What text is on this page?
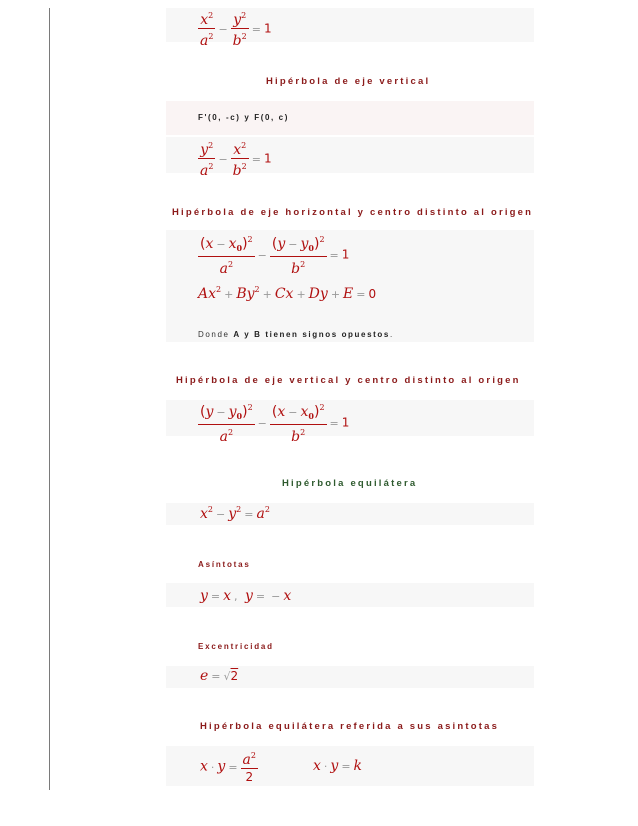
$\frac{x^2}{a^2} - \frac{y^2}{b^2} = 1$
Hipérbola de eje vertical
F'(0, -c) y F(0, c)
$\frac{y^2}{a^2} - \frac{x^2}{b^2} = 1$
Hipérbola de eje horizontal y centro distinto al origen
$\frac{(x - x_0)^2}{a^2} - \frac{(y - y_0)^2}{b^2} = 1$
$Ax^2 + By^2 + Cx + Dy + E = 0$
Donde A y B tienen signos opuestos.
Hipérbola de eje vertical y centro distinto al origen
$\frac{(y - y_0)^2}{a^2} - \frac{(x - x_0)^2}{b^2} = 1$
Hipérbola equilátera
$x^2 - y^2 = a^2$
Asíntotas
y = x , y = − x
Excentricidad
e = √2
Hipérbola equilátera referida a sus asintotas
$x \cdot y = \frac{a^2}{2}$	x · y = k
